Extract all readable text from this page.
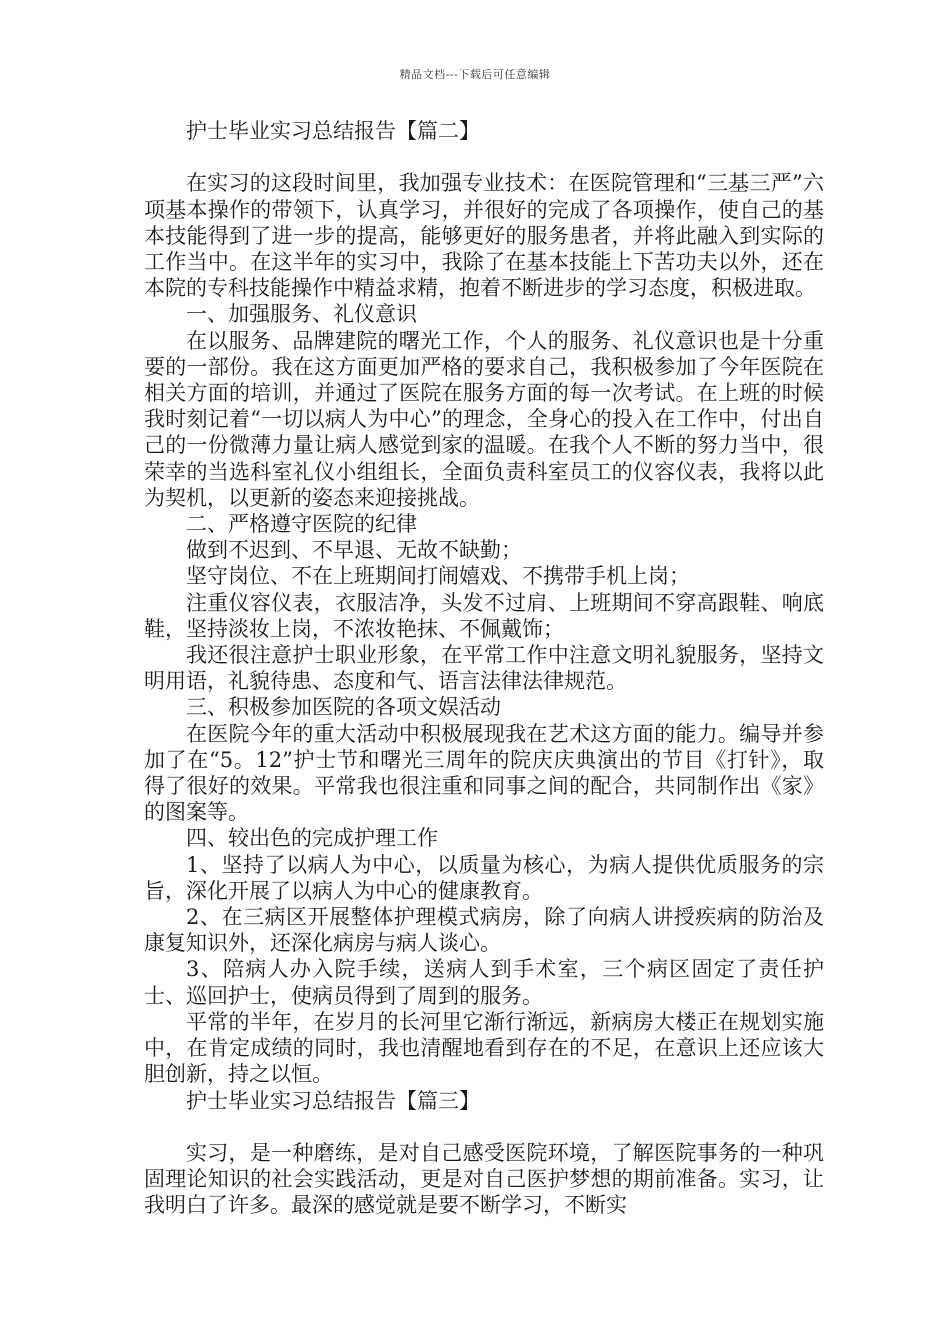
精品文档---下载后可任意编辑

护士毕业实习总结报告【篇二】

在实习的这段时间里，我加强专业技术：在医院管理和“三基三严”六项基本操作的带领下，认真学习，并很好的完成了各项操作，使自己的基本技能得到了进一步的提高，能够更好的服务患者，并将此融入到实际的工作当中。在这半年的实习中，我除了在基本技能上下苦功夫以外，还在本院的专科技能操作中精益求精，抱着不断进步的学习态度，积极进取。

一、加强服务、礼仪意识

在以服务、品牌建院的曙光工作，个人的服务、礼仪意识也是十分重要的一部份。我在这方面更加严格的要求自己，我积极参加了今年医院在相关方面的培训，并通过了医院在服务方面的每一次考试。在上班的时候我时刻记着“一切以病人为中心”的理念，全身心的投入在工作中，付出自己的一份微薄力量让病人感觉到家的温暖。在我个人不断的努力当中，很荣幸的当选科室礼仪小组组长，全面负责科室员工的仪容仪表，我将以此为契机，以更新的姿态来迎接挑战。

二、严格遵守医院的纪律

做到不迟到、不早退、无故不缺勤；

坚守岗位、不在上班期间打闹嬉戏、不携带手机上岗；

注重仪容仪表，衣服洁净，头发不过肩、上班期间不穿高跟鞋、响底鞋，坚持淡妆上岗，不浓妆艳抹、不佩戴饰；

我还很注意护士职业形象，在平常工作中注意文明礼貌服务，坚持文明用语，礼貌待患、态度和气、语言法律法律规范。

三、积极参加医院的各项文娱活动

在医院今年的重大活动中积极展现我在艺术这方面的能力。编导并参加了在“5。12”护士节和曙光三周年的院庆庆典演出的节目《打针》，取得了很好的效果。平常我也很注重和同事之间的配合，共同制作出《家》的图案等。

四、较出色的完成护理工作

1、坚持了以病人为中心，以质量为核心，为病人提供优质服务的宗旨，深化开展了以病人为中心的健康教育。

2、在三病区开展整体护理模式病房，除了向病人讲授疾病的防治及康复知识外，还深化病房与病人谈心。

3、陪病人办入院手续，送病人到手术室，三个病区固定了责任护士、巡回护士，使病员得到了周到的服务。

平常的半年，在岁月的长河里它渐行渐远，新病房大楼正在规划实施中，在肯定成绩的同时，我也清醒地看到存在的不足，在意识上还应该大胆创新，持之以恒。

护士毕业实习总结报告【篇三】

实习，是一种磨练，是对自己感受医院环境，了解医院事务的一种巩固理论知识的社会实践活动，更是对自己医护梦想的期前准备。实习，让我明白了许多。最深的感觉就是要不断学习，不断实
